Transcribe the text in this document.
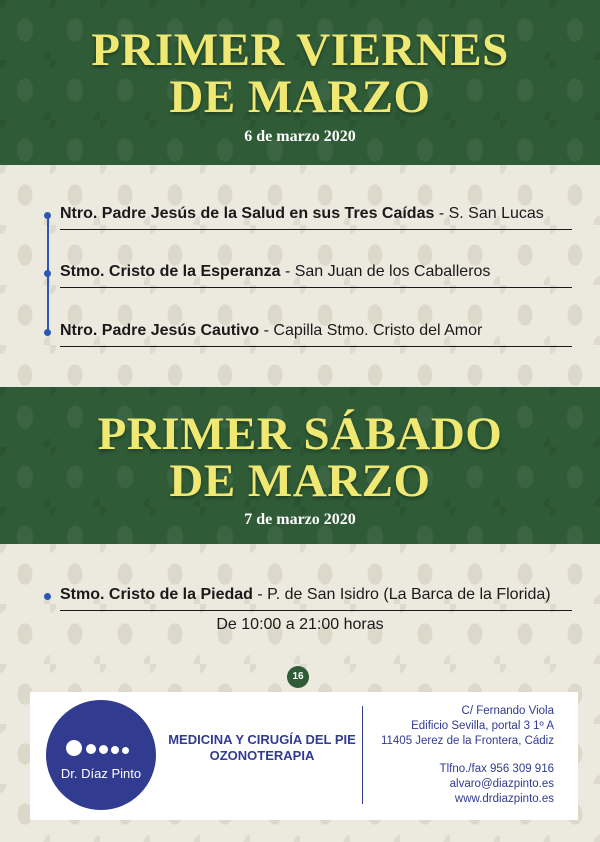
PRIMER VIERNES
DE MARZO
6 de marzo 2020
Ntro. Padre Jesús de la Salud en sus Tres Caídas - S. San Lucas
Stmo. Cristo de la Esperanza - San Juan de los Caballeros
Ntro. Padre Jesús Cautivo - Capilla Stmo. Cristo del Amor
PRIMER SÁBADO
DE MARZO
7 de marzo 2020
Stmo. Cristo de la Piedad - P. de San Isidro (La Barca de la Florida)
De 10:00 a 21:00 horas
16
Dr. Díaz Pinto
MEDICINA Y CIRUGÍA DEL PIE
OZONOTERAPIA
C/ Fernando Viola
Edificio Sevilla, portal 3 1º A
11405 Jerez de la Frontera, Cádiz
Tlfno./fax 956 309 916
alvaro@diazpinto.es
www.drdiazpinto.es
